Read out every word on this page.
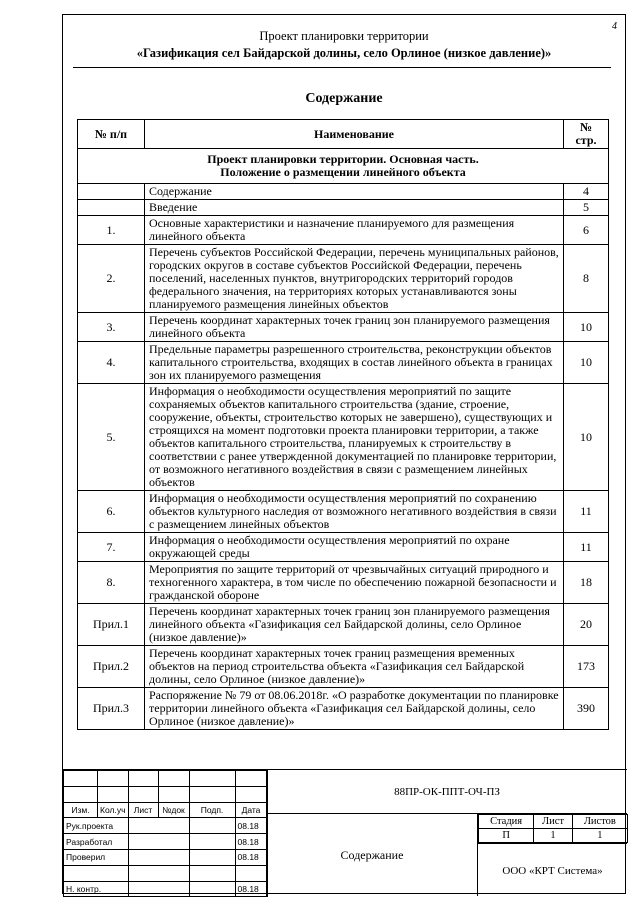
4
Проект планировки территории
«Газификация сел Байдарской долины, село Орлиное (низкое давление)»
Содержание
№ п/п	Наименование	№ стр.

Проект планировки территории. Основная часть.
Положение о размещении линейного объекта		

	Содержание	4
	Введение	5
1.	Основные характеристики и назначение планируемого для размещения линейного объекта	6
2.	Перечень субъектов Российской Федерации, перечень муниципальных районов, городских округов в составе субъектов Российской Федерации, перечень поселений, населенных пунктов, внутригородских территорий городов федерального значения, на территориях которых устанавливаются зоны планируемого размещения линейных объектов	8
3.	Перечень координат характерных точек границ зон планируемого размещения линейного объекта	10
4.	Предельные параметры разрешенного строительства, реконструкции объектов капитального строительства, входящих в состав линейного объекта в границах зон их планируемого размещения	10
5.	Информация о необходимости осуществления мероприятий по защите сохраняемых объектов капитального строительства (здание, строение, сооружение, объекты, строительство которых не завершено), существующих и строящихся на момент подготовки проекта планировки территории, а также объектов капитального строительства, планируемых к строительству в соответствии с ранее утвержденной документацией по планировке территории, от возможного негативного воздействия в связи с размещением линейных объектов	10
6.	Информация о необходимости осуществления мероприятий по сохранению объектов культурного наследия от возможного негативного воздействия в связи с размещением линейных объектов	11
7.	Информация о необходимости осуществления мероприятий по охране окружающей среды	11
8.	Мероприятия по защите территорий от чрезвычайных ситуаций природного и техногенного характера, в том числе по обеспечению пожарной безопасности и гражданской обороне	18
Прил.1	Перечень координат характерных точек границ зон планируемого размещения линейного объекта «Газификация сел Байдарской долины, село Орлиное (низкое давление)»	20
Прил.2	Перечень координат характерных точек границ размещения временных объектов на период строительства объекта «Газификация сел Байдарской долины, село Орлиное (низкое давление)»	173
Прил.3	Распоряжение № 79 от 08.06.2018г. «О разработке документации по планировке территории линейного объекта «Газификация сел Байдарской долины, село Орлиное (низкое давление)»	390

Изм.	Кол.уч	Лист	№док	Подп.	Дата
Рук.проекта					08.18
Разработал					08.18
Проверил					08.18

Н. контр.					08.18
88ПР-ОК-ППТ-ОЧ-ПЗ
Содержание
Стадия	Лист	Листов
П	1	1
ООО «КРТ Система»
